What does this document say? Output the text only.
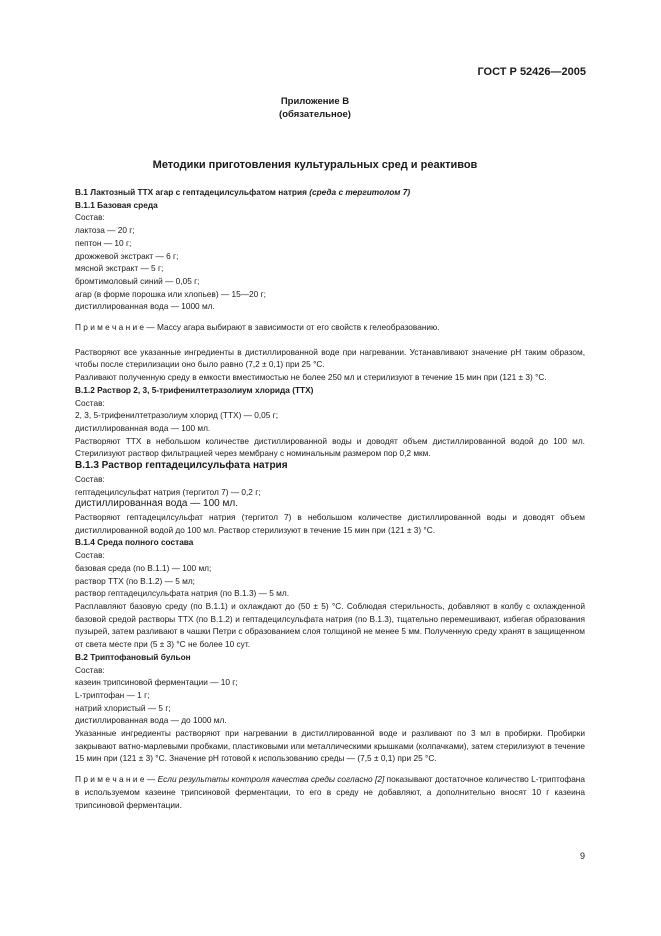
ГОСТ Р 52426—2005
Приложение В
(обязательное)
Методики приготовления культуральных сред и реактивов

В.1 Лактозный ТТХ агар с гептадецилсульфатом натрия (среда с тергитолом 7)

В.1.1 Базовая среда

Состав:

лактоза — 20 г;

пептон — 10 г;

дрожжевой экстракт — 6 г;

мясной экстракт — 5 г;

бромтимоловый синий — 0,05 г;

агар (в форме порошка или хлопьев) — 15—20 г;

дистиллированная вода — 1000 мл.

П р и м е ч а н и е — Массу агара выбирают в зависимости от его свойств к гелеобразованию.

Растворяют все указанные ингредиенты в дистиллированной воде при нагревании. Устанавливают значение рН таким образом, чтобы после стерилизации оно было равно (7,2 ± 0,1) при 25 °С.

Разливают полученную среду в емкости вместимостью не более 250 мл и стерилизуют в течение 15 мин при (121 ± 3) °С.

В.1.2 Раствор 2, 3, 5-трифенилтетразолиум хлорида (ТТХ)

Состав:

2, 3, 5-трифенилтетразолиум хлорид (ТТХ) — 0,05 г;

дистиллированная вода — 100 мл.

Растворяют ТТХ в небольшом количестве дистиллированной воды и доводят объем дистиллированной водой до 100 мл. Стерилизуют раствор фильтрацией через мембрану с номинальным размером пор 0,2 мкм.

В.1.3 Раствор гептадецилсульфата натрия

Состав:

гептадецилсульфат натрия (тергитол 7) — 0,2 г;

дистиллированная вода — 100 мл.

Растворяют гептадецилсульфат натрия (тергитол 7) в небольшом количестве дистиллированной воды и доводят объем дистиллированной водой до 100 мл. Раствор стерилизуют в течение 15 мин при (121 ± 3) °С.

В.1.4 Среда полного состава

Состав:

базовая среда (по В.1.1) — 100 мл;

раствор ТТХ (по В.1.2) — 5 мл;

раствор гептадецилсульфата натрия (по В.1.3) — 5 мл.

Расплавляют базовую среду (по В.1.1) и охлаждают до (50 ± 5) °С. Соблюдая стерильность, добавляют в колбу с охлажденной базовой средой растворы ТТХ (по В.1.2) и гептадецилсульфата натрия (по В.1.3), тщательно перемешивают, избегая образования пузырей, затем разливают в чашки Петри с образованием слоя толщиной не менее 5 мм. Полученную среду хранят в защищенном от света месте при (5 ± 3) °С не более 10 сут.

В.2 Триптофановый бульон

Состав:

казеин трипсиновой ферментации — 10 г;

L-триптофан — 1 г;

натрий хлористый — 5 г;

дистиллированная вода — до 1000 мл.

Указанные ингредиенты растворяют при нагревании в дистиллированной воде и разливают по 3 мл в пробирки. Пробирки закрывают ватно-марлевыми пробками, пластиковыми или металлическими крышками (колпачками), затем стерилизуют в течение 15 мин при (121 ± 3) °С. Значение рН готовой к использованию среды — (7,5 ± 0,1) при 25 °С.

П р и м е ч а н и е — Если результаты контроля качества среды согласно [2] показывают достаточное количество L-триптофана в используемом казеине трипсиновой ферментации, то его в среду не добавляют, а дополнительно вносят 10 г казеина трипсиновой ферментации.

9
